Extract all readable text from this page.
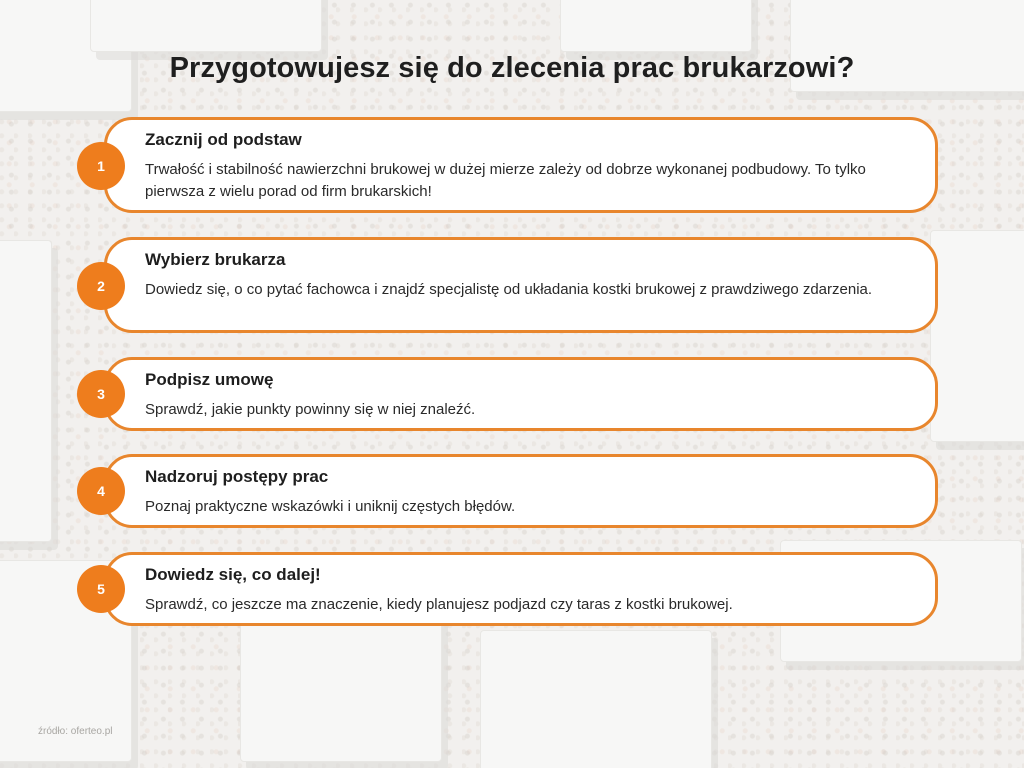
Przygotowujesz się do zlecenia prac brukarzowi?
Zacznij od podstaw
Trwałość i stabilność nawierzchni brukowej w dużej mierze zależy od dobrze wykonanej podbudowy. To tylko pierwsza z wielu porad od firm brukarskich!
1
Wybierz brukarza
Dowiedz się, o co pytać fachowca i znajdź specjalistę od układania kostki brukowej z prawdziwego zdarzenia.
2
Podpisz umowę
Sprawdź, jakie punkty powinny się w niej znaleźć.
3
Nadzoruj postępy prac
Poznaj praktyczne wskazówki i uniknij częstych błędów.
4
Dowiedz się, co dalej!
Sprawdź, co jeszcze ma znaczenie, kiedy planujesz podjazd czy taras z kostki brukowej.
5
źródło: oferteo.pl
